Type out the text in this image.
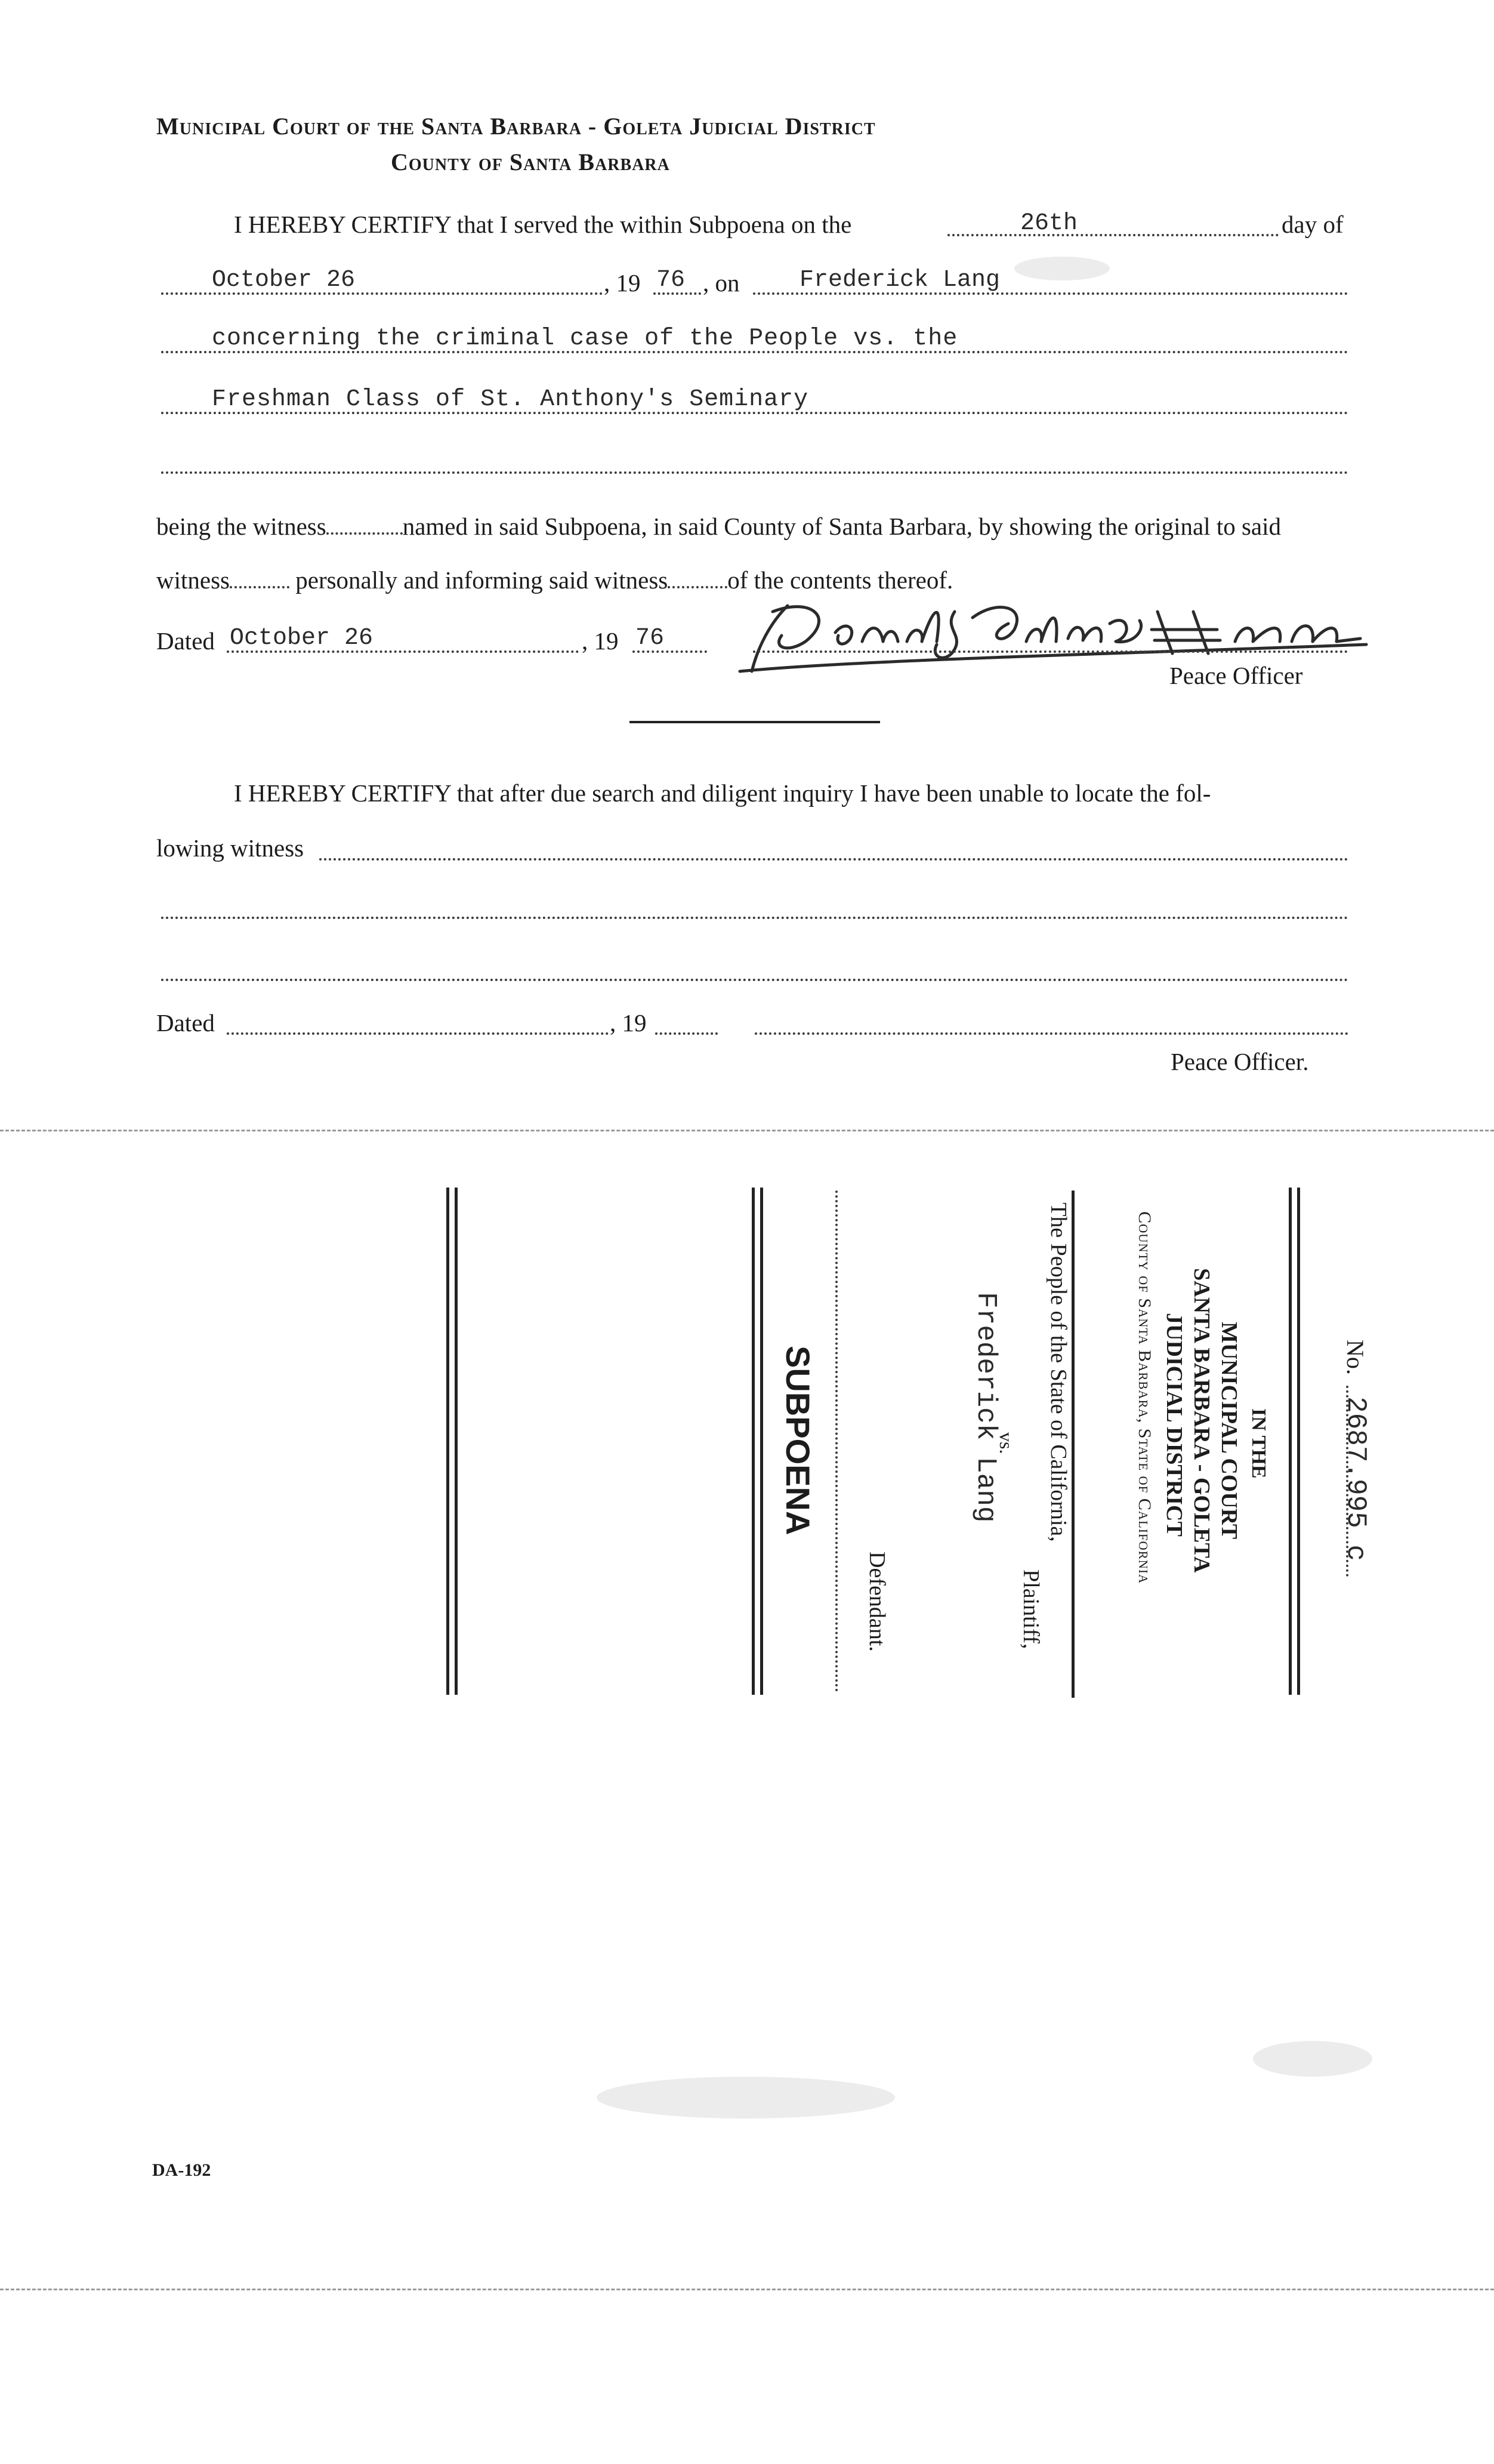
Municipal Court of the Santa Barbara - Goleta Judicial District
County of Santa Barbara
I HEREBY CERTIFY that I served the within Subpoena on the	26th	day of
October 26	, 19 76 , on	Frederick Lang
concerning the criminal case of the People vs. the
Freshman Class of St. Anthony's Seminary
being the witness	named in said Subpoena, in said County of Santa Barbara, by showing the original to said
witness	personally and informing said witness of the contents thereof.
Dated October 26	, 19 76
Peace Officer
I HEREBY CERTIFY that after due search and diligent inquiry I have been unable to locate the fol-
lowing witness
Dated	, 19
Peace Officer.
No.
2687.995 c
IN THE
MUNICIPAL COURT
SANTA BARBARA - GOLETA
JUDICIAL DISTRICT
County of Santa Barbara, State of California
The People of the State of California,
Plaintiff,
vs.
Frederick Lang
Defendant.
SUBPOENA
DA-192
